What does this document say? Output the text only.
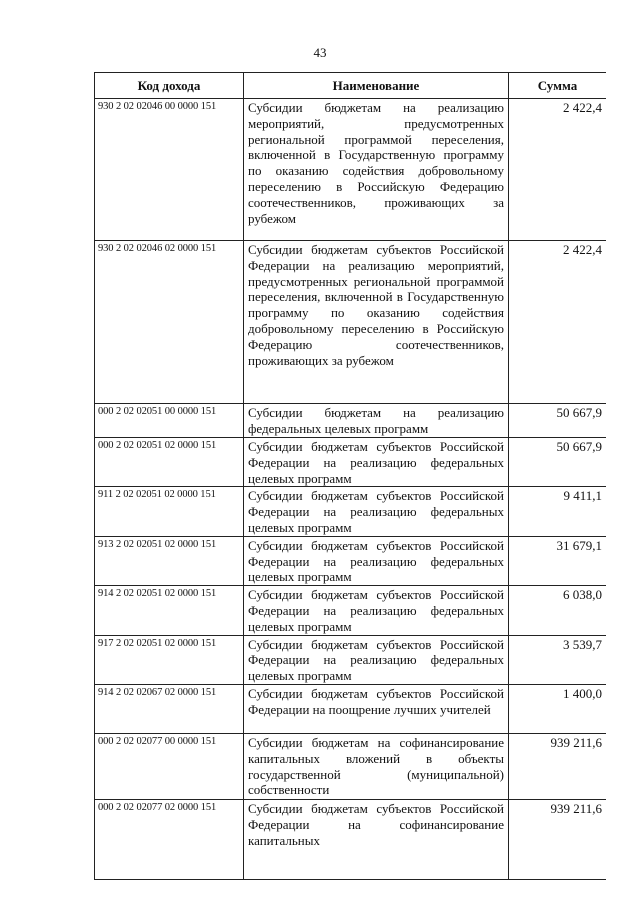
43
Код дохода	Наименование	Сумма
930 2 02 02046 00 0000 151	Субсидии бюджетам на реализацию мероприятий, предусмотренных региональной программой переселения, включенной в Государственную программу по оказанию содействия добровольному переселению в Российскую Федерацию соотечественников, проживающих за рубежом	2 422,4
930 2 02 02046 02 0000 151	Субсидии бюджетам субъектов Российской Федерации на реализацию мероприятий, предусмотренных региональной программой переселения, включенной в Государственную программу по оказанию содействия добровольному переселению в Российскую Федерацию соотечественников, проживающих за рубежом	2 422,4
000 2 02 02051 00 0000 151	Субсидии бюджетам на реализацию федеральных целевых программ	50 667,9
000 2 02 02051 02 0000 151	Субсидии бюджетам субъектов Российской Федерации на реализацию федеральных целевых программ	50 667,9
911 2 02 02051 02 0000 151	Субсидии бюджетам субъектов Российской Федерации на реализацию федеральных целевых программ	9 411,1
913 2 02 02051 02 0000 151	Субсидии бюджетам субъектов Российской Федерации на реализацию федеральных целевых программ	31 679,1
914 2 02 02051 02 0000 151	Субсидии бюджетам субъектов Российской Федерации на реализацию федеральных целевых программ	6 038,0
917 2 02 02051 02 0000 151	Субсидии бюджетам субъектов Российской Федерации на реализацию федеральных целевых программ	3 539,7
914 2 02 02067 02 0000 151	Субсидии бюджетам субъектов Российской Федерации на поощрение лучших учителей	1 400,0
000 2 02 02077 00 0000 151	Субсидии бюджетам на софинансирование капитальных вложений в объекты государственной (муниципальной) собственности	939 211,6
000 2 02 02077 02 0000 151	Субсидии бюджетам субъектов Российской Федерации на софинансирование капитальных	939 211,6
